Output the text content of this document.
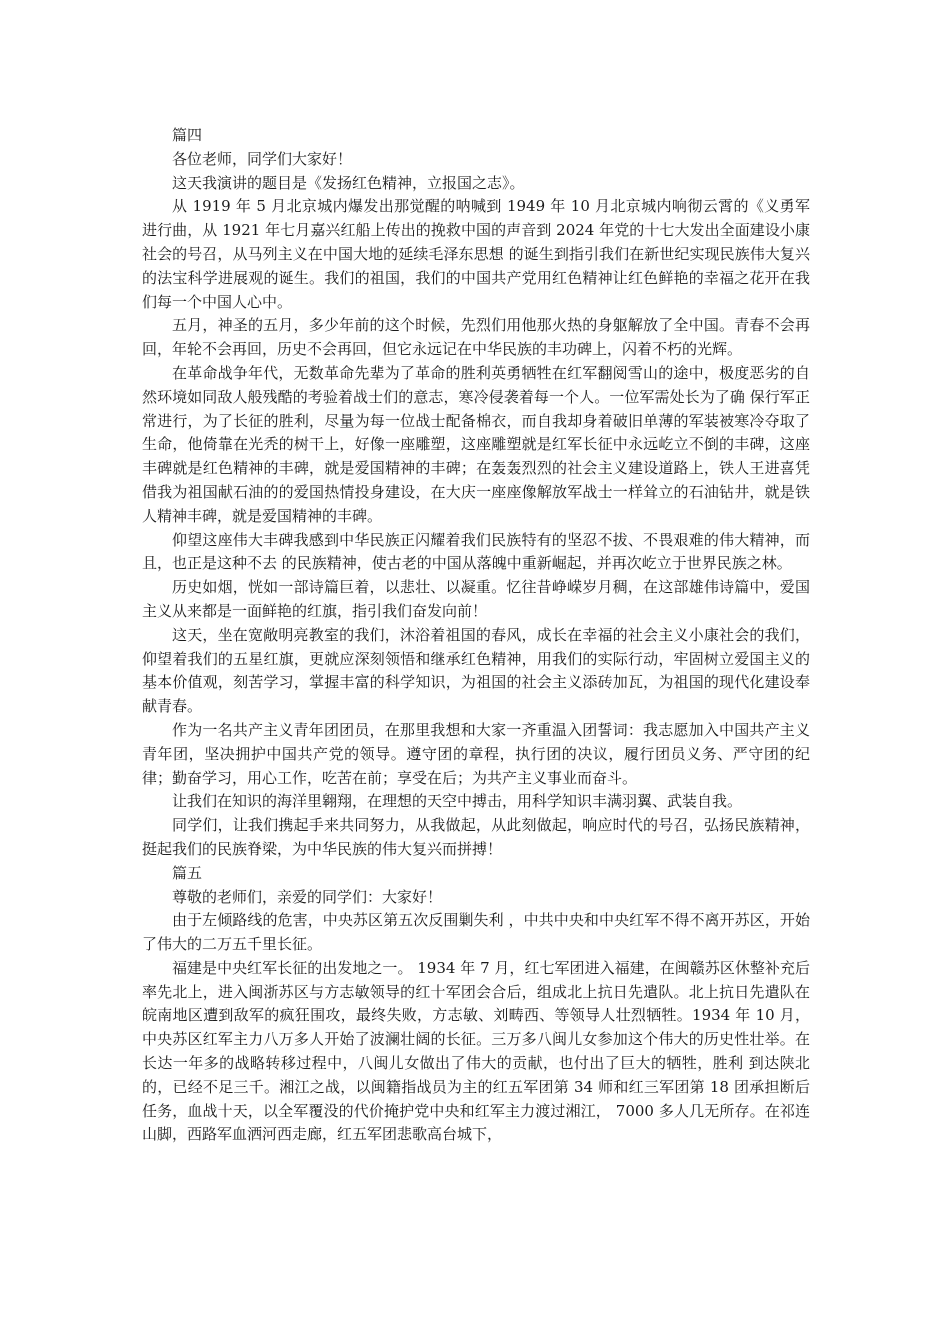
篇四

各位老师，同学们大家好！

这天我演讲的题目是《发扬红色精神，立报国之志》。

从 1919 年 5 月北京城内爆发出那觉醒的呐喊到 1949 年 10 月北京城内响彻云霄的《义勇军进行曲，从 1921 年七月嘉兴红船上传出的挽救中国的声音到 2024 年党的十七大发出全面建设小康社会的号召，从马列主义在中国大地的延续毛泽东思想 的诞生到指引我们在新世纪实现民族伟大复兴的法宝科学进展观的诞生。我们的祖国，我们的中国共产党用红色精神让红色鲜艳的幸福之花开在我们每一个中国人心中。

五月，神圣的五月，多少年前的这个时候，先烈们用他那火热的身躯解放了全中国。青春不会再回，年轮不会再回，历史不会再回，但它永远记在中华民族的丰功碑上，闪着不朽的光辉。

在革命战争年代，无数革命先辈为了革命的胜利英勇牺牲在红军翻阅雪山的途中，极度恶劣的自然环境如同敌人般残酷的考验着战士们的意志，寒冷侵袭着每一个人。一位军需处长为了确 保行军正常进行，为了长征的胜利，尽量为每一位战士配备棉衣，而自我却身着破旧单薄的军装被寒冷夺取了生命，他倚靠在光秃的树干上，好像一座雕塑，这座雕塑就是红军长征中永远屹立不倒的丰碑，这座丰碑就是红色精神的丰碑，就是爱国精神的丰碑；在轰轰烈烈的社会主义建设道路上，铁人王进喜凭借我为祖国献石油的的爱国热情投身建设，在大庆一座座像解放军战士一样耸立的石油钻井，就是铁人精神丰碑，就是爱国精神的丰碑。

仰望这座伟大丰碑我感到中华民族正闪耀着我们民族特有的坚忍不拔、不畏艰难的伟大精神，而且，也正是这种不去 的民族精神，使古老的中国从落魄中重新崛起，并再次屹立于世界民族之林。

历史如烟，恍如一部诗篇巨着，以悲壮、以凝重。忆往昔峥嵘岁月稠，在这部雄伟诗篇中，爱国主义从来都是一面鲜艳的红旗，指引我们奋发向前！

这天，坐在宽敞明亮教室的我们，沐浴着祖国的春风，成长在幸福的社会主义小康社会的我们，仰望着我们的五星红旗，更就应深刻领悟和继承红色精神，用我们的实际行动，牢固树立爱国主义的基本价值观，刻苦学习，掌握丰富的科学知识，为祖国的社会主义添砖加瓦，为祖国的现代化建设奉献青春。

作为一名共产主义青年团团员，在那里我想和大家一齐重温入团誓词：我志愿加入中国共产主义青年团，坚决拥护中国共产党的领导。遵守团的章程，执行团的决议，履行团员义务、严守团的纪律；勤奋学习，用心工作，吃苦在前；享受在后；为共产主义事业而奋斗。

让我们在知识的海洋里翱翔，在理想的天空中搏击，用科学知识丰满羽翼、武装自我。

同学们，让我们携起手来共同努力，从我做起，从此刻做起，响应时代的号召，弘扬民族精神，挺起我们的民族脊梁，为中华民族的伟大复兴而拼搏！

篇五

尊敬的老师们，亲爱的同学们：大家好！

由于左倾路线的危害，中央苏区第五次反围剿失利 ，中共中央和中央红军不得不离开苏区，开始了伟大的二万五千里长征。

福建是中央红军长征的出发地之一。 1934 年 7 月，红七军团进入福建，在闽赣苏区休整补充后率先北上，进入闽浙苏区与方志敏领导的红十军团会合后，组成北上抗日先遣队。北上抗日先遣队在皖南地区遭到敌军的疯狂围攻，最终失败，方志敏、刘畴西、等领导人壮烈牺牲。1934 年 10 月，中央苏区红军主力八万多人开始了波澜壮阔的长征。三万多八闽儿女参加这个伟大的历史性壮举。在长达一年多的战略转移过程中，八闽儿女做出了伟大的贡献，也付出了巨大的牺牲，胜利 到达陕北的，已经不足三千。湘江之战，以闽籍指战员为主的红五军团第 34 师和红三军团第 18 团承担断后任务，血战十天，以全军覆没的代价掩护党中央和红军主力渡过湘江， 7000 多人几无所存。在祁连山脚，西路军血洒河西走廊，红五军团悲歌高台城下，
